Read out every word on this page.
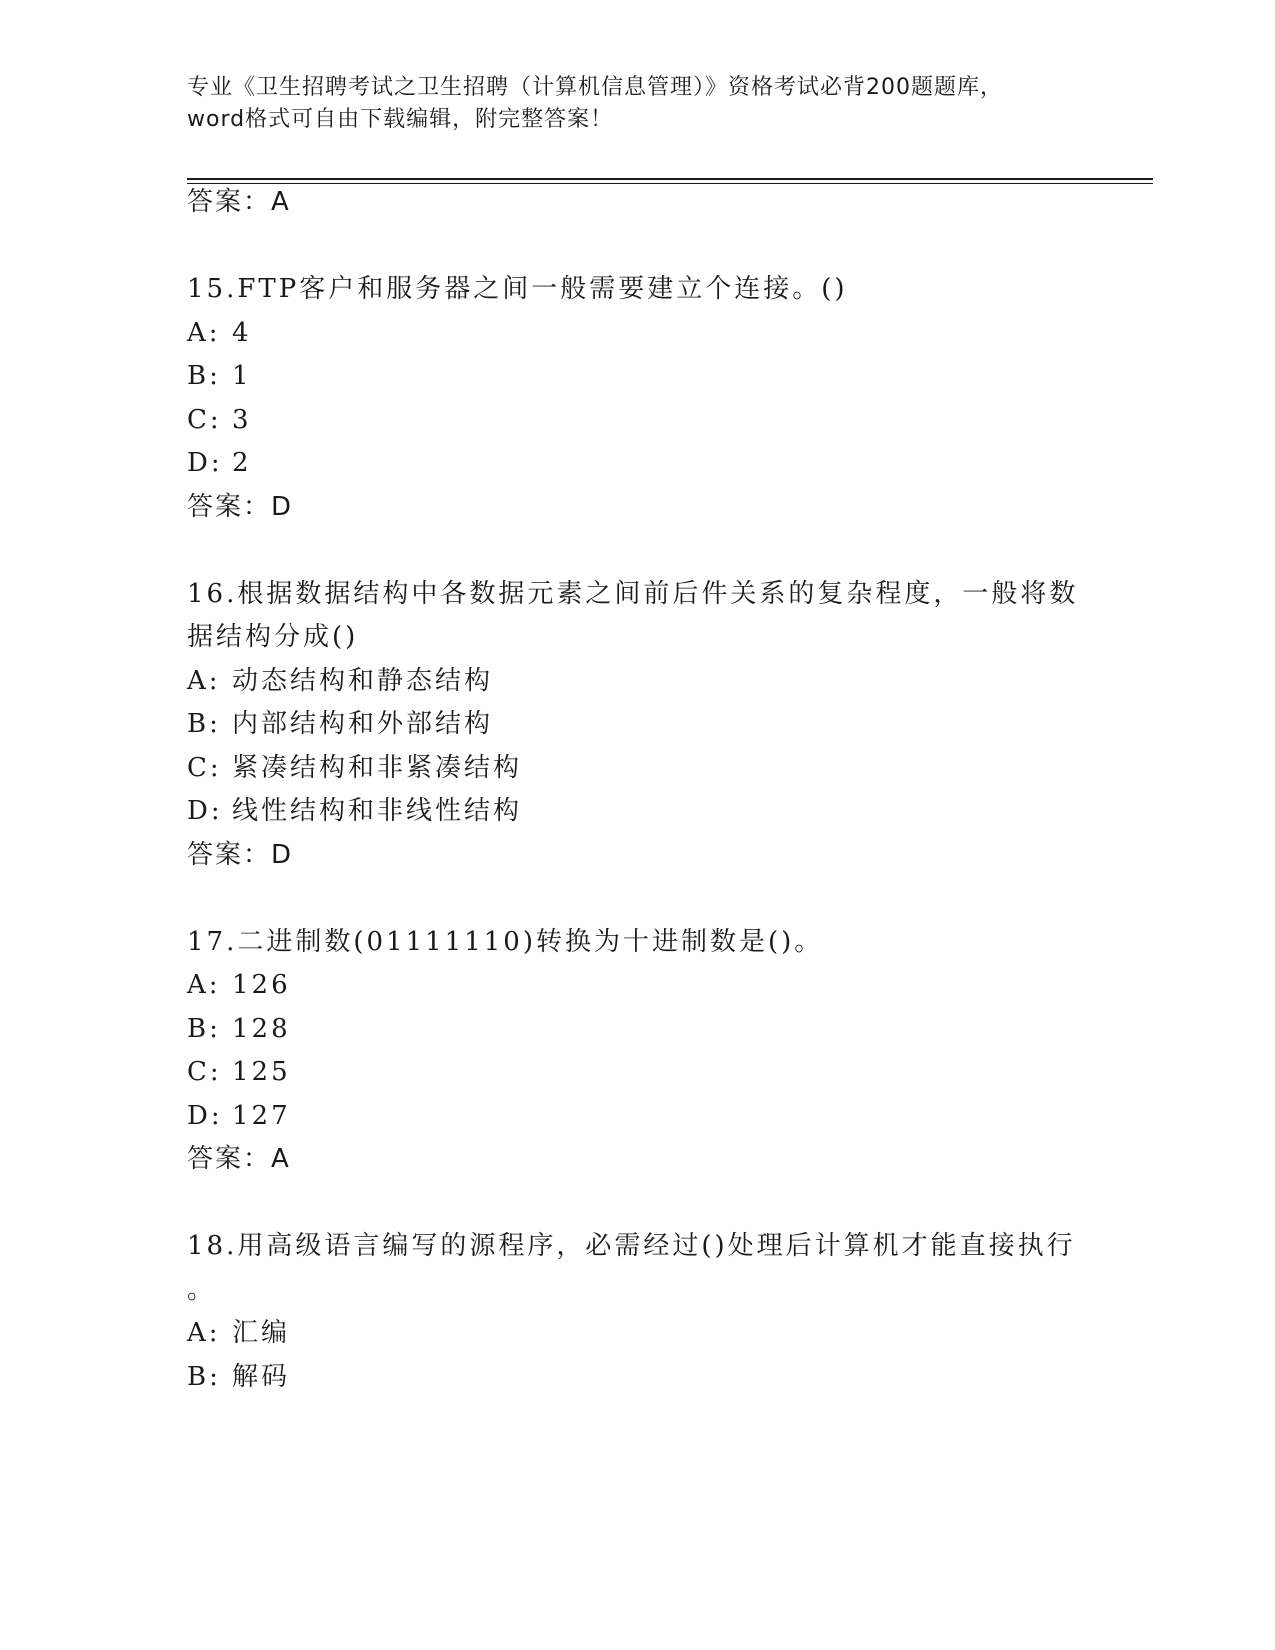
专业《卫生招聘考试之卫生招聘（计算机信息管理）》资格考试必背200题题库，
word格式可自由下载编辑，附完整答案！
答案：A
15.FTP客户和服务器之间一般需要建立个连接。()
A: 4
B: 1
C: 3
D: 2
答案：D
16.根据数据结构中各数据元素之间前后件关系的复杂程度，一般将数
据结构分成()
A: 动态结构和静态结构
B: 内部结构和外部结构
C: 紧凑结构和非紧凑结构
D: 线性结构和非线性结构
答案：D
17.二进制数(01111110)转换为十进制数是()。
A: 126
B: 128
C: 125
D: 127
答案：A
18.用高级语言编写的源程序，必需经过()处理后计算机才能直接执行
。
A: 汇编
B: 解码
